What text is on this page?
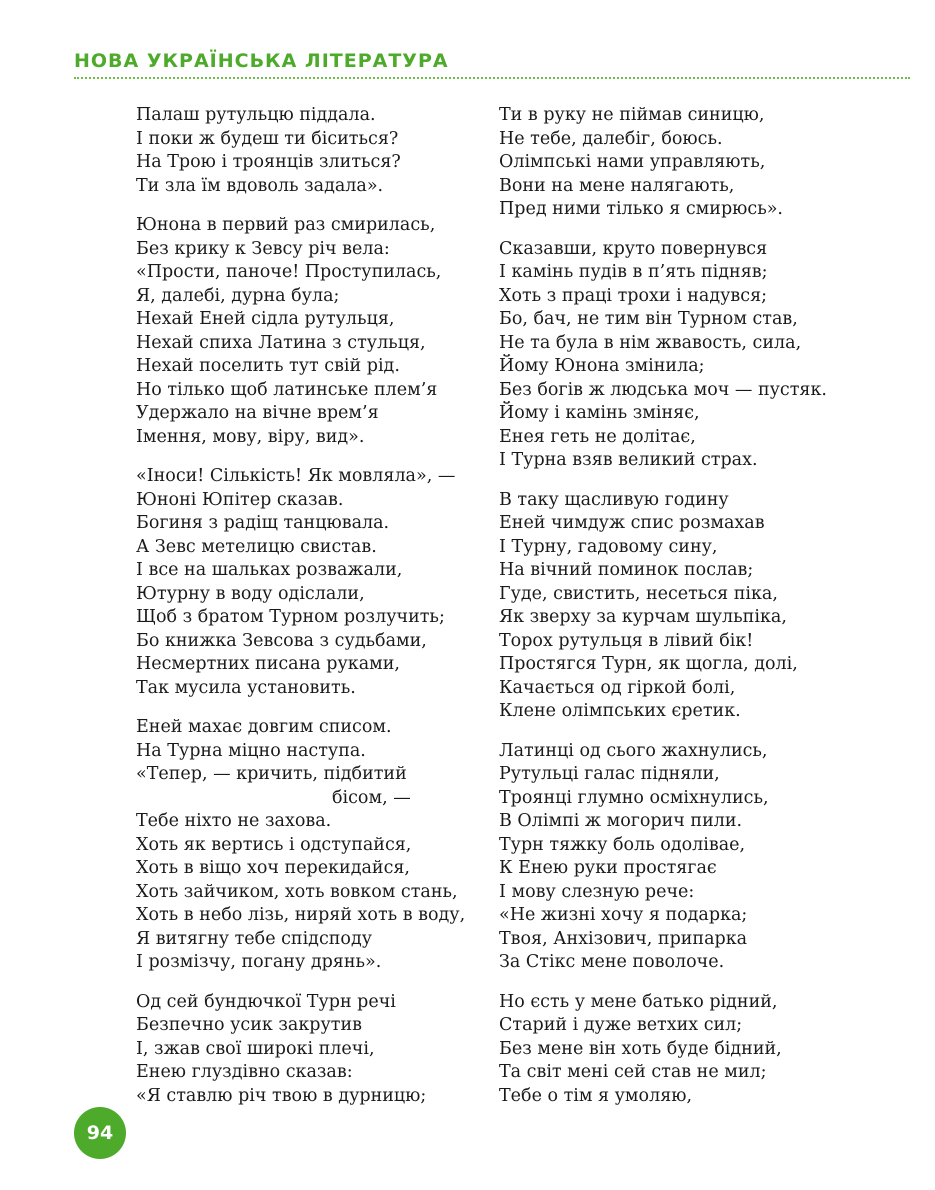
НОВА УКРАЇНСЬКА ЛІТЕРАТУРА
Палаш рутульцю піддала.
І поки ж будеш ти біситься?
На Трою і троянців злиться?
Ти зла їм вдоволь задала».
Юнона в первий раз смирилась,
Без крику к Зевсу річ вела:
«Прости, паноче! Проступилась,
Я, далебі, дурна була;
Нехай Еней сідла рутульця,
Нехай спиха Латина з стульця,
Нехай поселить тут свій рід.
Но тілько щоб латинське плем’я
Удержало на вічне врем’я
Імення, мову, віру, вид».
«Іноси! Сількість! Як мовляла», —
Юноні Юпітер сказав.
Богиня з радіщ танцювала.
А Зевс метелицю свистав.
І все на шальках розважали,
Ютурну в воду одіслали,
Щоб з братом Турном розлучить;
Бо книжка Зевсова з судьбами,
Несмертних писана руками,
Так мусила установить.
Еней махає довгим списом.
На Турна міцно наступа.
«Тепер, — кричить, підбитий
бісом, —
Тебе ніхто не захова.
Хоть як вертись і одступайся,
Хоть в віщо хоч перекидайся,
Хоть зайчиком, хоть вовком стань,
Хоть в небо лізь, ниряй хоть в воду,
Я витягну тебе спідсподу
І розмізчу, погану дрянь».
Од сей бундючкої Турн речі
Безпечно усик закрутив
І, зжав свої широкі плечі,
Енею глуздівно сказав:
«Я ставлю річ твою в дурницю;
Ти в руку не піймав синицю,
Не тебе, далебіг, боюсь.
Олімпські нами управляють,
Вони на мене налягають,
Пред ними тілько я смирюсь».
Сказавши, круто повернувся
І камінь пудів в п’ять підняв;
Хоть з праці трохи і надувся;
Бо, бач, не тим він Турном став,
Не та була в нім жвавость, сила,
Йому Юнона змінила;
Без богів ж людська моч — пустяк.
Йому і камінь зміняє,
Енея геть не долітає,
І Турна взяв великий страх.
В таку щасливую годину
Еней чимдуж спис розмахав
І Турну, гадовому сину,
На вічний поминок послав;
Гуде, свистить, несеться піка,
Як зверху за курчам шульпіка,
Торох рутульця в лівий бік!
Простягся Турн, як щогла, долі,
Качається од гіркой болі,
Клене олімпських єретик.
Латинці од сього жахнулись,
Рутульці галас підняли,
Троянці глумно осміхнулись,
В Олімпі ж могорич пили.
Турн тяжку боль одолівае,
К Енею руки простягає
І мову слезную рече:
«Не жизні хочу я подарка;
Твоя, Анхізович, припарка
За Стікс мене поволоче.
Но єсть у мене батько рідний,
Старий і дуже ветхих сил;
Без мене він хоть буде бідний,
Та світ мені сей став не мил;
Тебе о тім я умоляю,
94
